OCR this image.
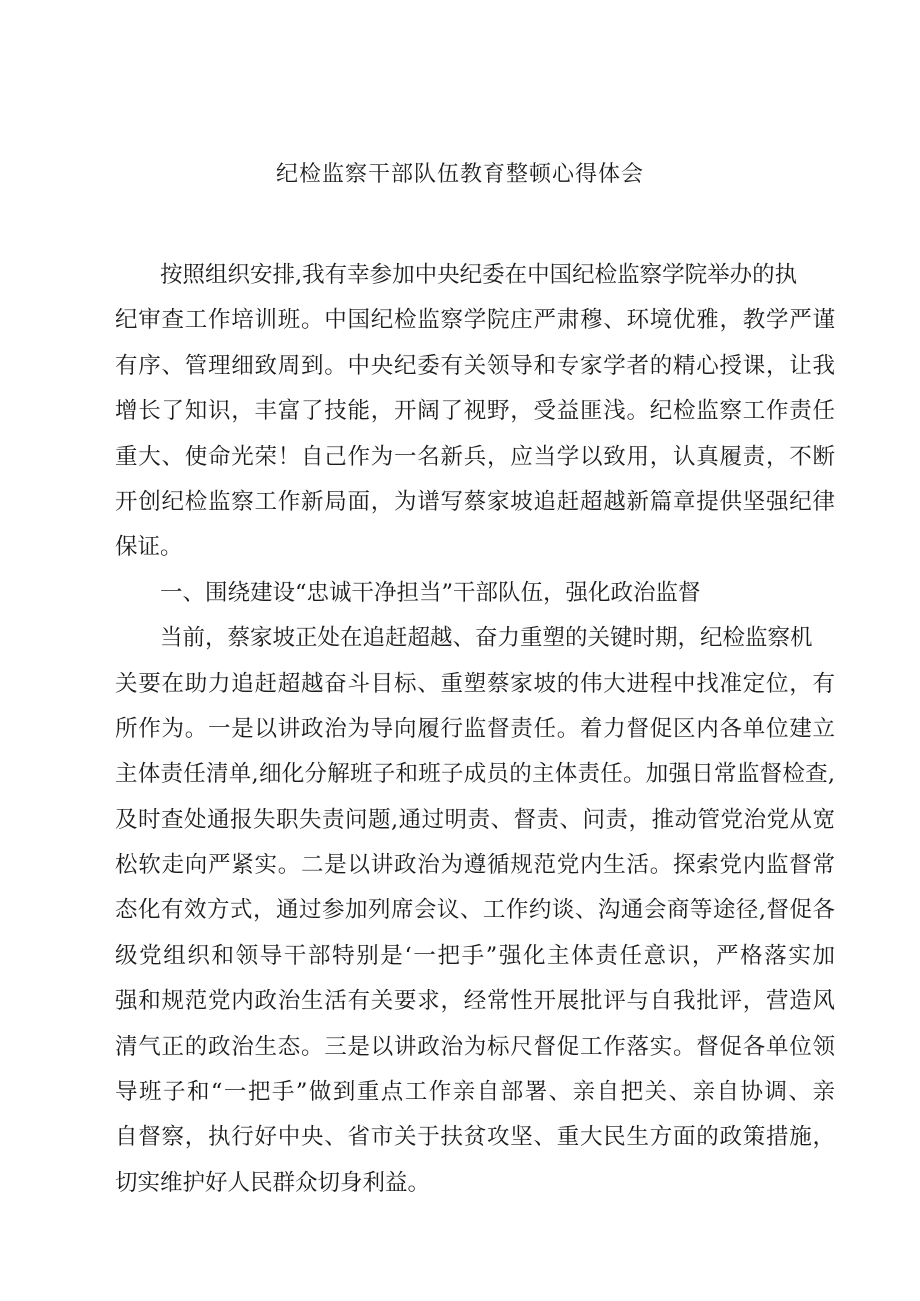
纪检监察干部队伍教育整顿心得体会
按照组织安排,我有幸参加中央纪委在中国纪检监察学院举办的执
纪审查工作培训班。中国纪检监察学院庄严肃穆、环境优雅，教学严谨
有序、管理细致周到。中央纪委有关领导和专家学者的精心授课，让我
增长了知识，丰富了技能，开阔了视野，受益匪浅。纪检监察工作责任
重大、使命光荣！自己作为一名新兵，应当学以致用，认真履责，不断
开创纪检监察工作新局面，为谱写蔡家坡追赶超越新篇章提供坚强纪律
保证。
一、围绕建设“忠诚干净担当”干部队伍，强化政治监督
当前，蔡家坡正处在追赶超越、奋力重塑的关键时期，纪检监察机
关要在助力追赶超越奋斗目标、重塑蔡家坡的伟大进程中找准定位，有
所作为。一是以讲政治为导向履行监督责任。着力督促区内各单位建立
主体责任清单,细化分解班子和班子成员的主体责任。加强日常监督检查,
及时查处通报失职失责问题,通过明责、督责、问责，推动管党治党从宽
松软走向严紧实。二是以讲政治为遵循规范党内生活。探索党内监督常
态化有效方式，通过参加列席会议、工作约谈、沟通会商等途径,督促各
级党组织和领导干部特别是‘一把手”强化主体责任意识，严格落实加
强和规范党内政治生活有关要求，经常性开展批评与自我批评，营造风
清气正的政治生态。三是以讲政治为标尺督促工作落实。督促各单位领
导班子和“一把手”做到重点工作亲自部署、亲自把关、亲自协调、亲
自督察，执行好中央、省市关于扶贫攻坚、重大民生方面的政策措施，
切实维护好人民群众切身利益。
